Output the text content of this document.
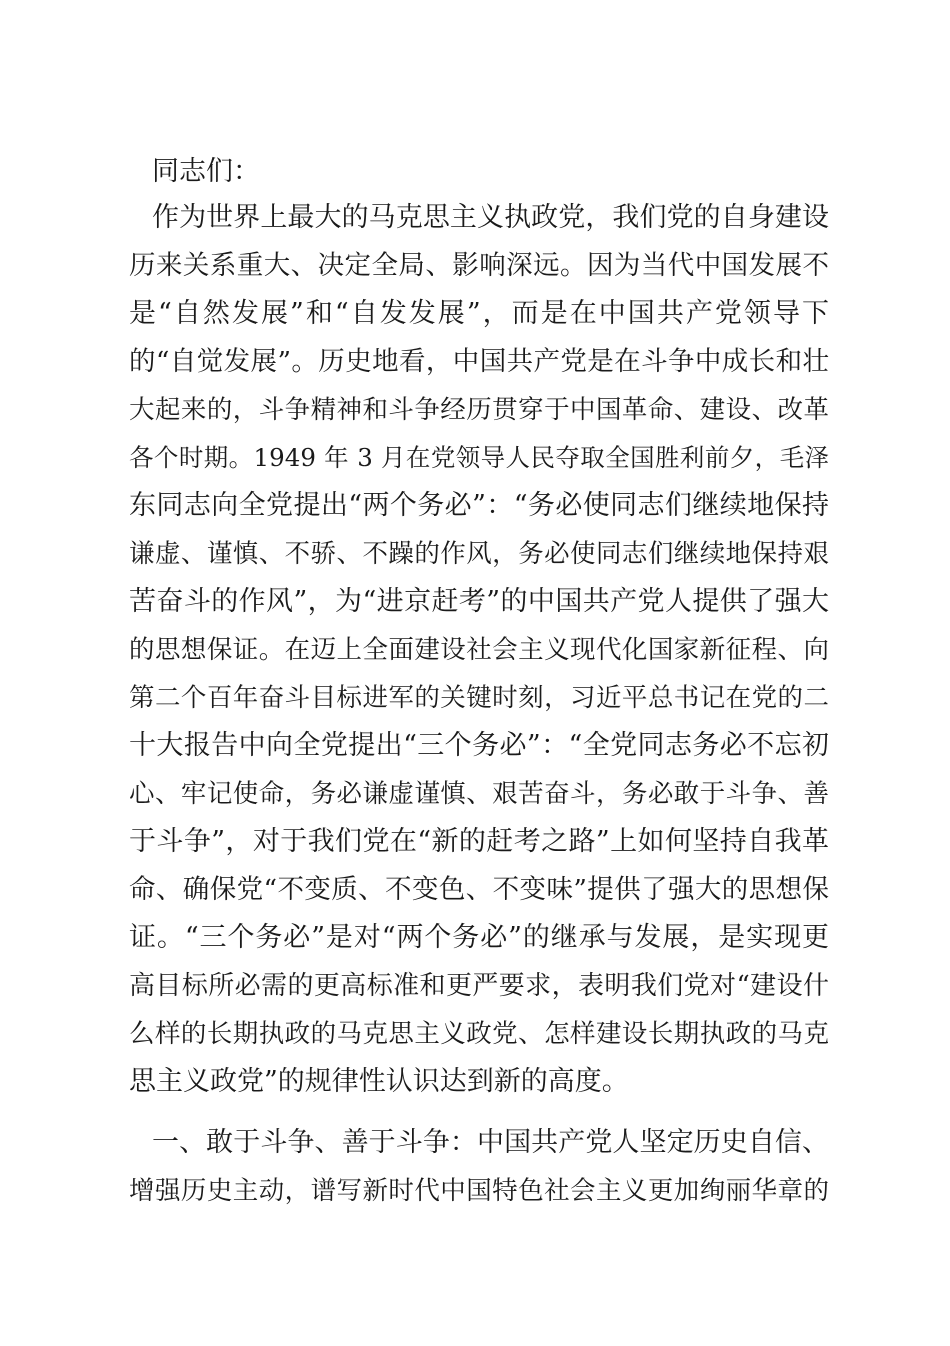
同志们：
作为世界上最大的马克思主义执政党，我们党的自身建设
历来关系重大、决定全局、影响深远。因为当代中国发展不
是“自然发展”和“自发发展”，而是在中国共产党领导下
的“自觉发展”。历史地看，中国共产党是在斗争中成长和壮
大起来的，斗争精神和斗争经历贯穿于中国革命、建设、改革
各个时期。1949 年 3 月在党领导人民夺取全国胜利前夕，毛泽
东同志向全党提出“两个务必”：“务必使同志们继续地保持
谦虚、谨慎、不骄、不躁的作风，务必使同志们继续地保持艰
苦奋斗的作风”，为“进京赶考”的中国共产党人提供了强大
的思想保证。在迈上全面建设社会主义现代化国家新征程、向
第二个百年奋斗目标进军的关键时刻，习近平总书记在党的二
十大报告中向全党提出“三个务必”：“全党同志务必不忘初
心、牢记使命，务必谦虚谨慎、艰苦奋斗，务必敢于斗争、善
于斗争”，对于我们党在“新的赶考之路”上如何坚持自我革
命、确保党“不变质、不变色、不变味”提供了强大的思想保
证。“三个务必”是对“两个务必”的继承与发展，是实现更
高目标所必需的更高标准和更严要求，表明我们党对“建设什
么样的长期执政的马克思主义政党、怎样建设长期执政的马克
思主义政党”的规律性认识达到新的高度。
一、敢于斗争、善于斗争：中国共产党人坚定历史自信、
增强历史主动，谱写新时代中国特色社会主义更加绚丽华章的
